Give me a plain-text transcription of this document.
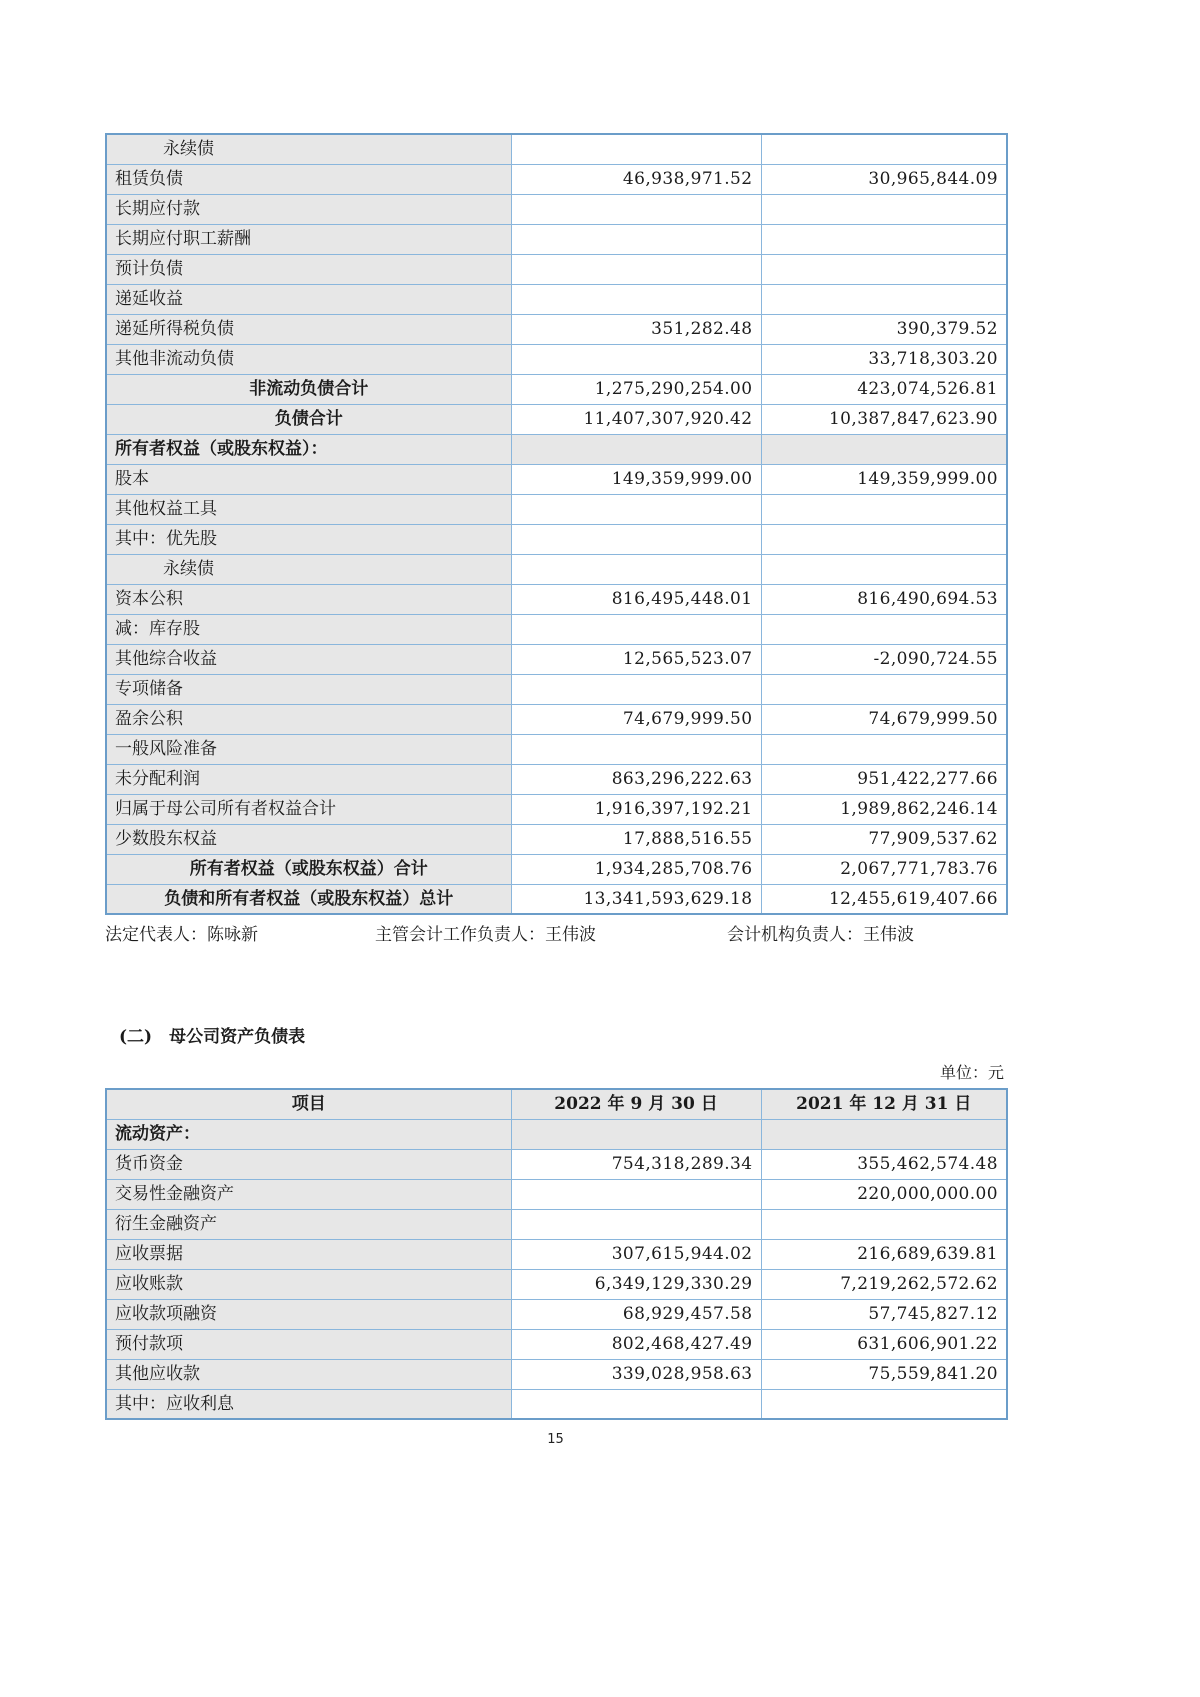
永续债		
租赁负债	46,938,971.52	30,965,844.09
长期应付款		
长期应付职工薪酬		
预计负债		
递延收益		
递延所得税负债	351,282.48	390,379.52
其他非流动负债		33,718,303.20
非流动负债合计	1,275,290,254.00	423,074,526.81
负债合计	11,407,307,920.42	10,387,847,623.90
所有者权益（或股东权益）：		
股本	149,359,999.00	149,359,999.00
其他权益工具		
其中：优先股		
永续债		
资本公积	816,495,448.01	816,490,694.53
减：库存股		
其他综合收益	12,565,523.07	-2,090,724.55
专项储备		
盈余公积	74,679,999.50	74,679,999.50
一般风险准备		
未分配利润	863,296,222.63	951,422,277.66
归属于母公司所有者权益合计	1,916,397,192.21	1,989,862,246.14
少数股东权益	17,888,516.55	77,909,537.62
所有者权益（或股东权益）合计	1,934,285,708.76	2,067,771,783.76
负债和所有者权益（或股东权益）总计	13,341,593,629.18	12,455,619,407.66
法定代表人：陈咏新	主管会计工作负责人：王伟波	会计机构负责人：王伟波
(二)　母公司资产负债表
单位：元
项目	2022 年 9 月 30 日	2021 年 12 月 31 日
流动资产：		
货币资金	754,318,289.34	355,462,574.48
交易性金融资产		220,000,000.00
衍生金融资产		
应收票据	307,615,944.02	216,689,639.81
应收账款	6,349,129,330.29	7,219,262,572.62
应收款项融资	68,929,457.58	57,745,827.12
预付款项	802,468,427.49	631,606,901.22
其他应收款	339,028,958.63	75,559,841.20
其中：应收利息		
15
